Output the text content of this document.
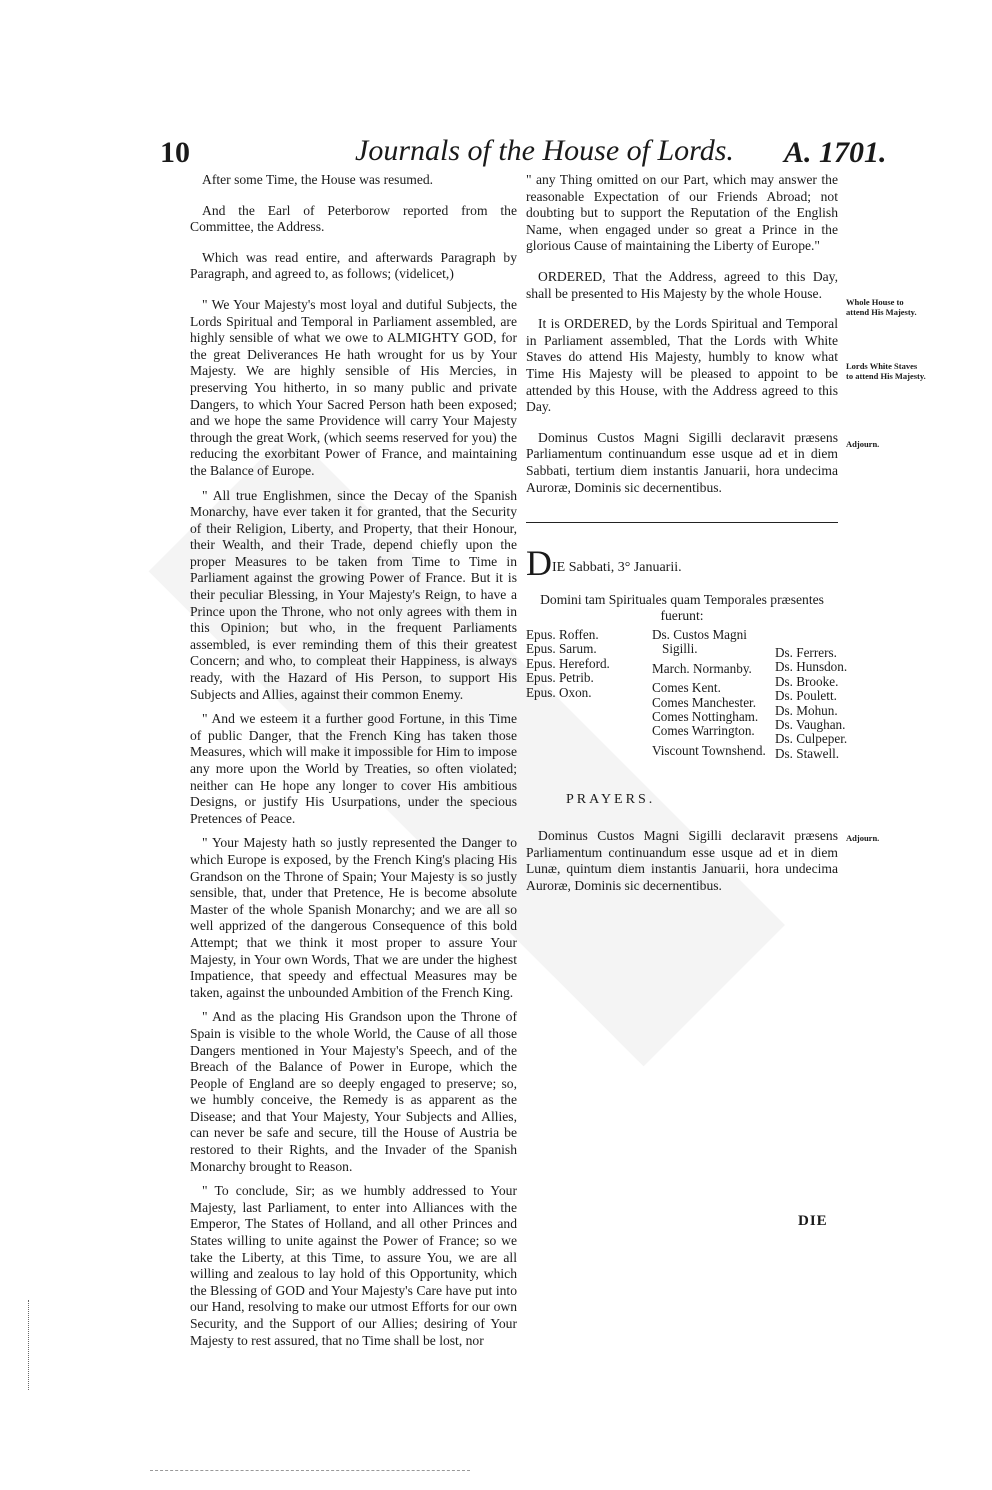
10	Journals of the House of Lords. A. 1701.

After some Time, the House was resumed.

And the Earl of Peterborow reported from the Committee, the Address.

Which was read entire, and afterwards Paragraph by Paragraph, and agreed to, as follows; (videlicet,)

" We Your Majesty's most loyal and dutiful Subjects, the Lords Spiritual and Temporal in Parliament assembled, are highly sensible of what we owe to ALMIGHTY GOD, for the great Deliverances He hath wrought for us by Your Majesty. We are highly sensible of His Mercies, in preserving You hitherto, in so many public and private Dangers, to which Your Sacred Person hath been exposed; and we hope the same Providence will carry Your Majesty through the great Work, (which seems reserved for you) the reducing the exorbitant Power of France, and maintaining the Balance of Europe.

" All true Englishmen, since the Decay of the Spanish Monarchy, have ever taken it for granted, that the Security of their Religion, Liberty, and Property, that their Honour, their Wealth, and their Trade, depend chiefly upon the proper Measures to be taken from Time to Time in Parliament against the growing Power of France. But it is their peculiar Blessing, in Your Majesty's Reign, to have a Prince upon the Throne, who not only agrees with them in this Opinion; but who, in the frequent Parliaments assembled, is ever reminding them of this their greatest Concern; and who, to compleat their Happiness, is always ready, with the Hazard of His Person, to support His Subjects and Allies, against their common Enemy.

" And we esteem it a further good Fortune, in this Time of public Danger, that the French King has taken those Measures, which will make it impossible for Him to impose any more upon the World by Treaties, so often violated; neither can He hope any longer to cover His ambitious Designs, or justify His Usurpations, under the specious Pretences of Peace.

" Your Majesty hath so justly represented the Danger to which Europe is exposed, by the French King's placing His Grandson on the Throne of Spain; Your Majesty is so justly sensible, that, under that Pretence, He is become absolute Master of the whole Spanish Monarchy; and we are all so well apprized of the dangerous Consequence of this bold Attempt; that we think it most proper to assure Your Majesty, in Your own Words, That we are under the highest Impatience, that speedy and effectual Measures may be taken, against the unbounded Ambition of the French King.

" And as the placing His Grandson upon the Throne of Spain is visible to the whole World, the Cause of all those Dangers mentioned in Your Majesty's Speech, and of the Breach of the Balance of Power in Europe, which the People of England are so deeply engaged to preserve; so, we humbly conceive, the Remedy is as apparent as the Disease; and that Your Majesty, Your Subjects and Allies, can never be safe and secure, till the House of Austria be restored to their Rights, and the Invader of the Spanish Monarchy brought to Reason.

" To conclude, Sir; as we humbly addressed to Your Majesty, last Parliament, to enter into Alliances with the Emperor, The States of Holland, and all other Princes and States willing to unite against the Power of France; so we take the Liberty, at this Time, to assure You, we are all willing and zealous to lay hold of this Opportunity, which the Blessing of GOD and Your Majesty's Care have put into our Hand, resolving to make our utmost Efforts for our own Security, and the Support of our Allies; desiring of Your Majesty to rest assured, that no Time shall be lost, nor

" any Thing omitted on our Part, which may answer the reasonable Expectation of our Friends Abroad; not doubting but to support the Reputation of the English Name, when engaged under so great a Prince in the glorious Cause of maintaining the Liberty of Europe."

ORDERED, That the Address, agreed to this Day, shall be presented to His Majesty by the whole House.

It is ORDERED, by the Lords Spiritual and Temporal in Parliament assembled, That the Lords with White Staves do attend His Majesty, humbly to know what Time His Majesty will be pleased to appoint to be attended by this House, with the Address agreed to this Day.

Dominus Custos Magni Sigilli declaravit præsens Parliamentum continuandum esse usque ad et in diem Sabbati, tertium diem instantis Januarii, hora undecima Auroræ, Dominis sic decernentibus.

Whole House to attend His Majesty.
Lords White Staves to attend His Majesty.
Adjourn.
DIE Sabbati, 3° Januarii.
Domini tam Spirituales quam Temporales præsentes fuerunt:
Epus. Roffen.
Epus. Sarum.
Epus. Hereford.
Epus. Petrib.
Epus. Oxon.
Ds. Custos Magni
Sigilli.
March. Normanby.
Comes Kent.
Comes Manchester.
Comes Nottingham.
Comes Warrington.
Viscount Townshend.
Ds. Ferrers.
Ds. Hunsdon.
Ds. Brooke.
Ds. Poulett.
Ds. Mohun.
Ds. Vaughan.
Ds. Culpeper.
Ds. Stawell.
PRAYERS.

Dominus Custos Magni Sigilli declaravit præsens Parliamentum continuandum esse usque ad et in diem Lunæ, quintum diem instantis Januarii, hora undecima Auroræ, Dominis sic decernentibus.

Adjourn.
DIE
